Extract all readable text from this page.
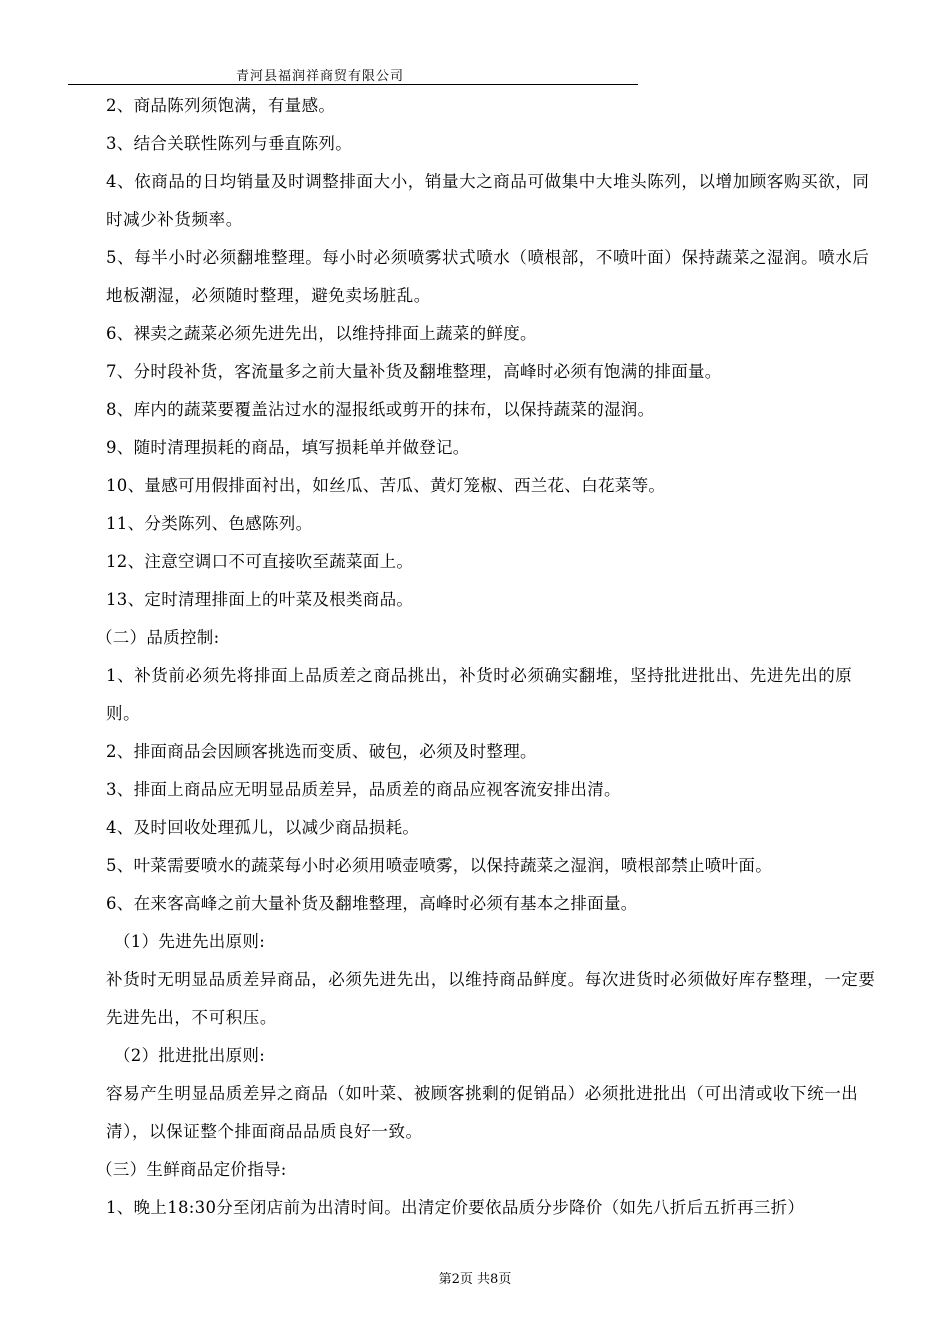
青河县福润祥商贸有限公司

2、商品陈列须饱满，有量感。

3、结合关联性陈列与垂直陈列。

4、依商品的日均销量及时调整排面大小，销量大之商品可做集中大堆头陈列，以增加顾客购买欲，同时减少补货频率。

5、每半小时必须翻堆整理。每小时必须喷雾状式喷水（喷根部，不喷叶面）保持蔬菜之湿润。喷水后地板潮湿，必须随时整理，避免卖场脏乱。

6、裸卖之蔬菜必须先进先出，以维持排面上蔬菜的鲜度。

7、分时段补货，客流量多之前大量补货及翻堆整理，高峰时必须有饱满的排面量。

8、库内的蔬菜要覆盖沾过水的湿报纸或剪开的抹布，以保持蔬菜的湿润。

9、随时清理损耗的商品，填写损耗单并做登记。

10、量感可用假排面衬出，如丝瓜、苦瓜、黄灯笼椒、西兰花、白花菜等。

11、分类陈列、色感陈列。

12、注意空调口不可直接吹至蔬菜面上。

13、定时清理排面上的叶菜及根类商品。

（二）品质控制:

1、补货前必须先将排面上品质差之商品挑出，补货时必须确实翻堆，坚持批进批出、先进先出的原则。

2、排面商品会因顾客挑选而变质、破包，必须及时整理。

3、排面上商品应无明显品质差异，品质差的商品应视客流安排出清。

4、及时回收处理孤儿，以减少商品损耗。

5、叶菜需要喷水的蔬菜每小时必须用喷壶喷雾，以保持蔬菜之湿润，喷根部禁止喷叶面。

6、在来客高峰之前大量补货及翻堆整理，高峰时必须有基本之排面量。

（1）先进先出原则:

补货时无明显品质差异商品，必须先进先出，以维持商品鲜度。每次进货时必须做好库存整理，一定要先进先出，不可积压。

（2）批进批出原则:

容易产生明显品质差异之商品（如叶菜、被顾客挑剩的促销品）必须批进批出（可出清或收下统一出清），以保证整个排面商品品质良好一致。

（三）生鲜商品定价指导:

1、晚上18:30分至闭店前为出清时间。出清定价要依品质分步降价（如先八折后五折再三折）

第2页 共8页
